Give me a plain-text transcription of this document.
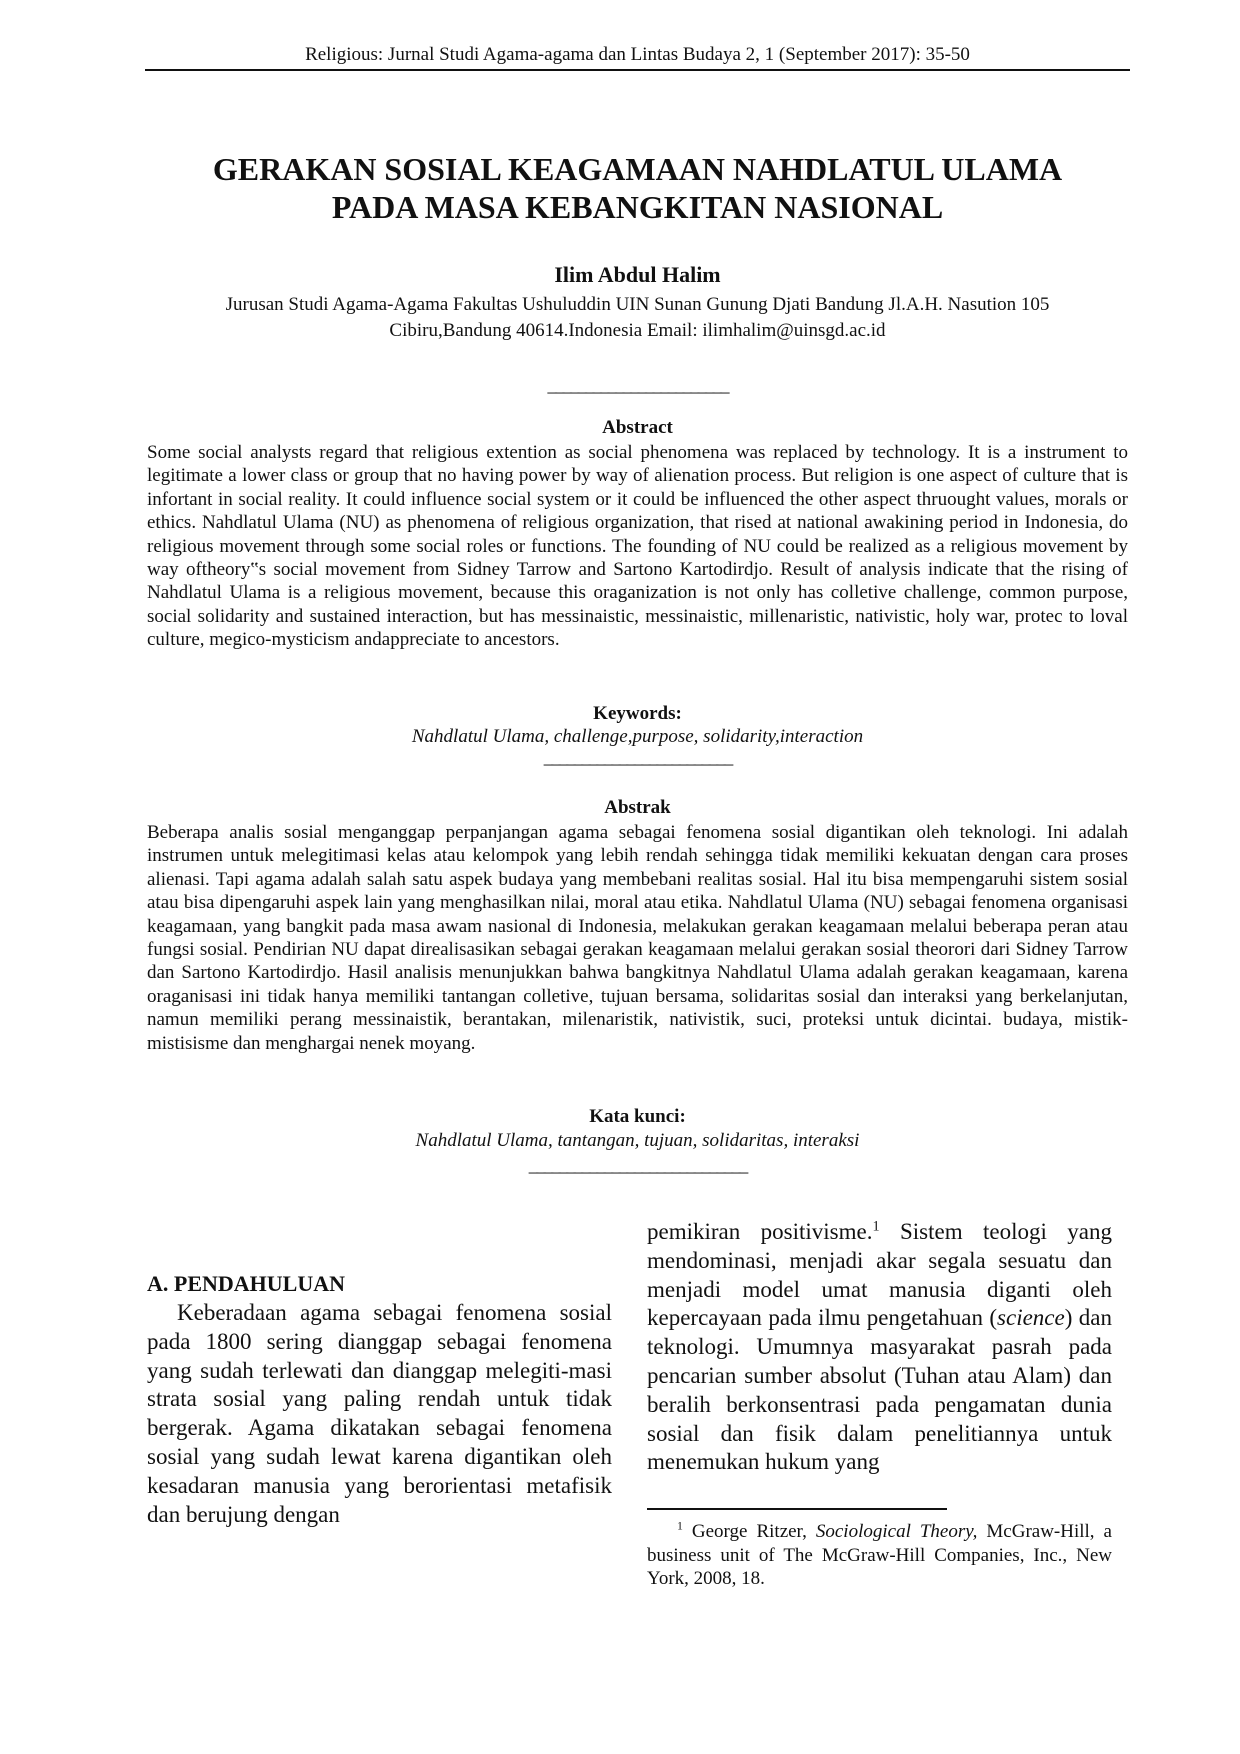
Religious: Jurnal Studi Agama-agama dan Lintas Budaya 2, 1 (September 2017): 35-50
GERAKAN SOSIAL KEAGAMAAN NAHDLATUL ULAMA
PADA MASA KEBANGKITAN NASIONAL
Ilim Abdul Halim
Jurusan Studi Agama-Agama Fakultas Ushuluddin UIN Sunan Gunung Djati Bandung Jl.A.H. Nasution 105
Cibiru,Bandung 40614.Indonesia Email: ilimhalim@uinsgd.ac.id
________________________
Abstract
Some social analysts regard that religious extention as social phenomena was replaced by technology. It is a instrument to legitimate a lower class or group that no having power by way of alienation process. But religion is one aspect of culture that is infortant in social reality. It could influence social system or it could be influenced the other aspect thruought values, morals or ethics. Nahdlatul Ulama (NU) as phenomena of religious organization, that rised at national awakining period in Indonesia, do religious movement through some social roles or functions. The founding of NU could be realized as a religious movement by way oftheory‟s social movement from Sidney Tarrow and Sartono Kartodirdjo. Result of analysis indicate that the rising of Nahdlatul Ulama is a religious movement, because this oraganization is not only has colletive challenge, common purpose, social solidarity and sustained interaction, but has messinaistic, messinaistic, millenaristic, nativistic, holy war, protec to loval culture, megico-mysticism andappreciate to ancestors.
Keywords:
Nahdlatul Ulama, challenge,purpose, solidarity,interaction
_________________________
Abstrak
Beberapa analis sosial menganggap perpanjangan agama sebagai fenomena sosial digantikan oleh teknologi. Ini adalah instrumen untuk melegitimasi kelas atau kelompok yang lebih rendah sehingga tidak memiliki kekuatan dengan cara proses alienasi. Tapi agama adalah salah satu aspek budaya yang membebani realitas sosial. Hal itu bisa mempengaruhi sistem sosial atau bisa dipengaruhi aspek lain yang menghasilkan nilai, moral atau etika. Nahdlatul Ulama (NU) sebagai fenomena organisasi keagamaan, yang bangkit pada masa awam nasional di Indonesia, melakukan gerakan keagamaan melalui beberapa peran atau fungsi sosial. Pendirian NU dapat direalisasikan sebagai gerakan keagamaan melalui gerakan sosial theorori dari Sidney Tarrow dan Sartono Kartodirdjo. Hasil analisis menunjukkan bahwa bangkitnya Nahdlatul Ulama adalah gerakan keagamaan, karena oraganisasi ini tidak hanya memiliki tantangan colletive, tujuan bersama, solidaritas sosial dan interaksi yang berkelanjutan, namun memiliki perang messinaistik, berantakan, milenaristik, nativistik, suci, proteksi untuk dicintai. budaya, mistik-mistisisme dan menghargai nenek moyang.
Kata kunci:
Nahdlatul Ulama, tantangan, tujuan, solidaritas, interaksi
_____________________________
A. PENDAHULUAN

Keberadaan agama sebagai fenomena sosial pada 1800 sering dianggap sebagai fenomena yang sudah terlewati dan dianggap melegiti-masi strata sosial yang paling rendah untuk tidak bergerak. Agama dikatakan sebagai fenomena sosial yang sudah lewat karena digantikan oleh kesadaran manusia yang berorientasi metafisik dan berujung dengan

pemikiran positivisme.$^1$ Sistem teologi yang mendominasi, menjadi akar segala sesuatu dan menjadi model umat manusia diganti oleh kepercayaan pada ilmu pengetahuan (science) dan teknologi. Umumnya masyarakat pasrah pada pencarian sumber absolut (Tuhan atau Alam) dan beralih berkonsentrasi pada pengamatan dunia sosial dan fisik dalam penelitiannya untuk menemukan hukum yang

$^1$ George Ritzer, Sociological Theory, McGraw-Hill, a business unit of The McGraw-Hill Companies, Inc., New York, 2008, 18.
